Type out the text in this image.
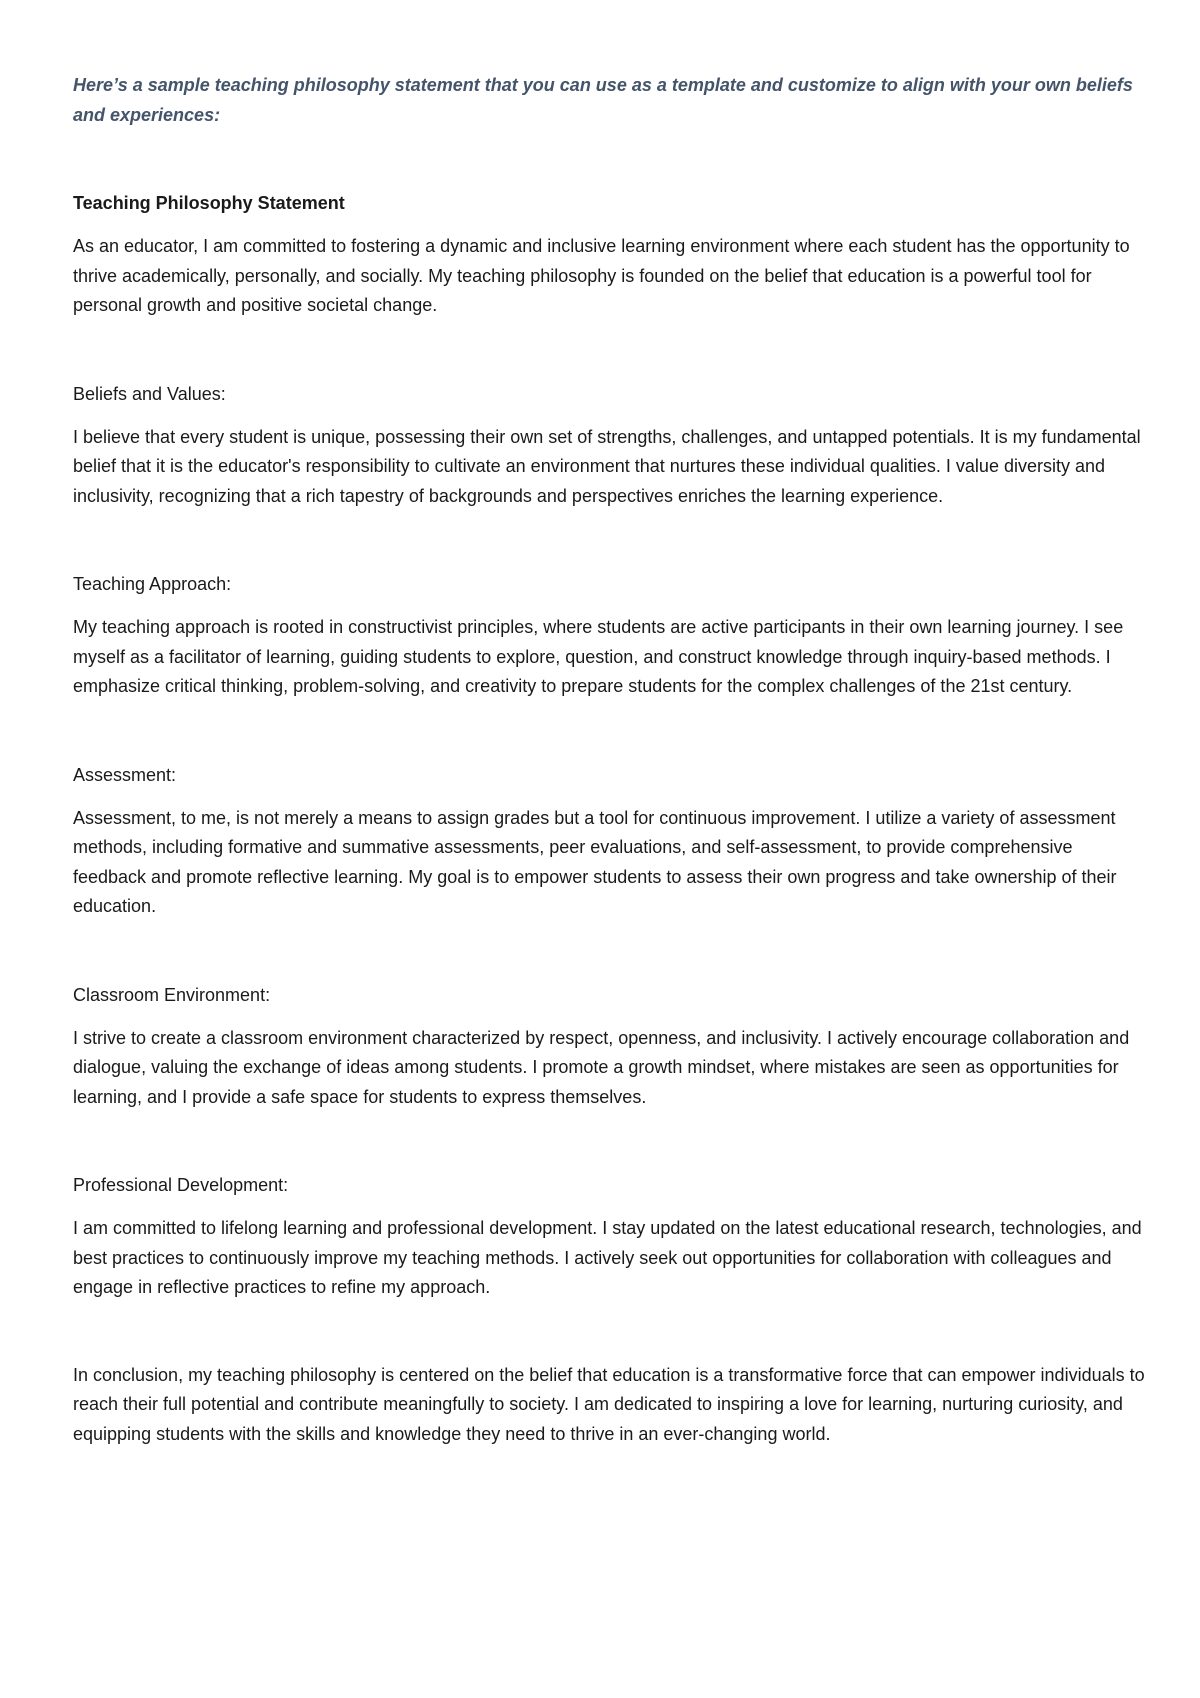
Here’s a sample teaching philosophy statement that you can use as a template and customize to align with your own beliefs and experiences:

Teaching Philosophy Statement

As an educator, I am committed to fostering a dynamic and inclusive learning environment where each student has the opportunity to thrive academically, personally, and socially. My teaching philosophy is founded on the belief that education is a powerful tool for personal growth and positive societal change.

Beliefs and Values:

I believe that every student is unique, possessing their own set of strengths, challenges, and untapped potentials. It is my fundamental belief that it is the educator's responsibility to cultivate an environment that nurtures these individual qualities. I value diversity and inclusivity, recognizing that a rich tapestry of backgrounds and perspectives enriches the learning experience.

Teaching Approach:

My teaching approach is rooted in constructivist principles, where students are active participants in their own learning journey. I see myself as a facilitator of learning, guiding students to explore, question, and construct knowledge through inquiry-based methods. I emphasize critical thinking, problem-solving, and creativity to prepare students for the complex challenges of the 21st century.

Assessment:

Assessment, to me, is not merely a means to assign grades but a tool for continuous improvement. I utilize a variety of assessment methods, including formative and summative assessments, peer evaluations, and self-assessment, to provide comprehensive feedback and promote reflective learning. My goal is to empower students to assess their own progress and take ownership of their education.

Classroom Environment:

I strive to create a classroom environment characterized by respect, openness, and inclusivity. I actively encourage collaboration and dialogue, valuing the exchange of ideas among students. I promote a growth mindset, where mistakes are seen as opportunities for learning, and I provide a safe space for students to express themselves.

Professional Development:

I am committed to lifelong learning and professional development. I stay updated on the latest educational research, technologies, and best practices to continuously improve my teaching methods. I actively seek out opportunities for collaboration with colleagues and engage in reflective practices to refine my approach.

In conclusion, my teaching philosophy is centered on the belief that education is a transformative force that can empower individuals to reach their full potential and contribute meaningfully to society. I am dedicated to inspiring a love for learning, nurturing curiosity, and equipping students with the skills and knowledge they need to thrive in an ever-changing world.
